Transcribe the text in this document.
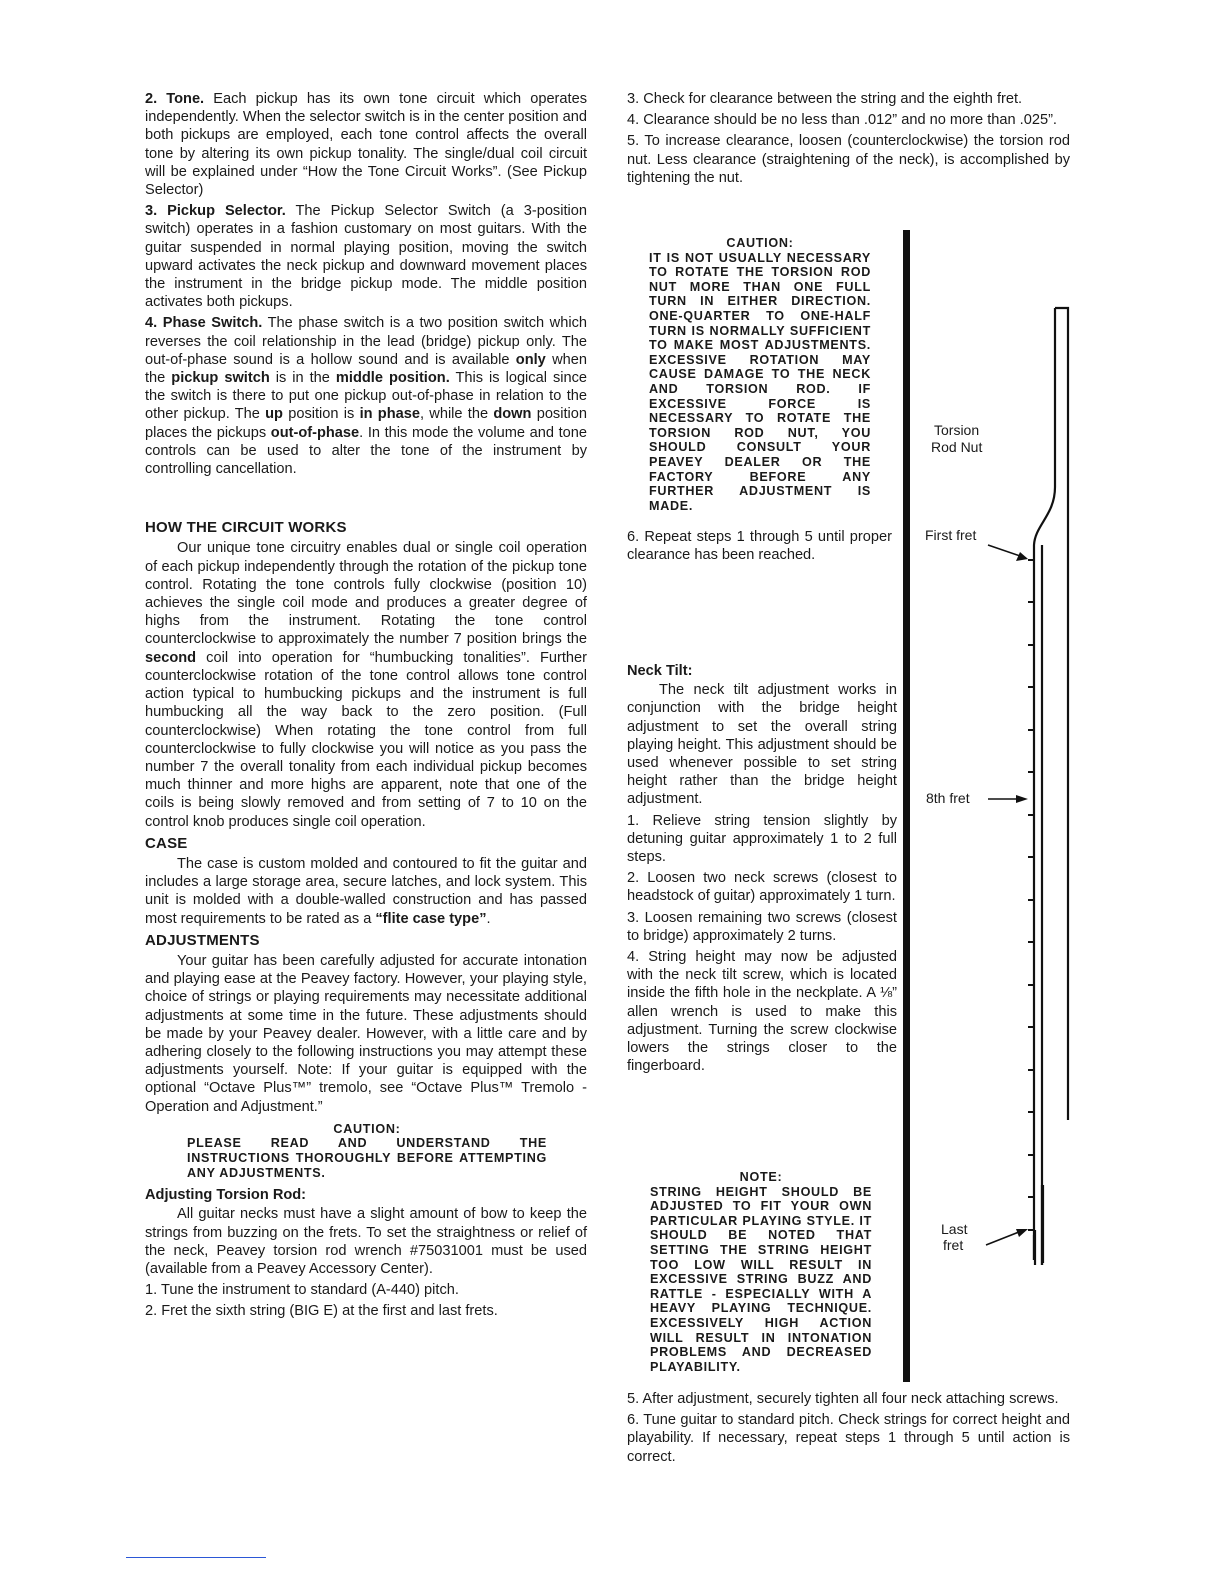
2. Tone. Each pickup has its own tone circuit which operates independently. When the selector switch is in the center position and both pickups are employed, each tone control affects the overall tone by altering its own pickup tonality. The single/dual coil circuit will be explained under “How the Tone Circuit Works”. (See Pickup Selector)

3. Pickup Selector. The Pickup Selector Switch (a 3-position switch) operates in a fashion customary on most guitars. With the guitar suspended in normal playing position, moving the switch upward activates the neck pickup and downward movement places the instrument in the bridge pickup mode. The middle position activates both pickups.

4. Phase Switch. The phase switch is a two position switch which reverses the coil relationship in the lead (bridge) pickup only. The out-of-phase sound is a hollow sound and is available only when the pickup switch is in the middle position. This is logical since the switch is there to put one pickup out-of-phase in relation to the other pickup. The up position is in phase, while the down position places the pickups out-of-phase. In this mode the volume and tone controls can be used to alter the tone of the instrument by controlling cancellation.

HOW THE CIRCUIT WORKS

Our unique tone circuitry enables dual or single coil operation of each pickup independently through the rotation of the pickup tone control. Rotating the tone controls fully clockwise (position 10) achieves the single coil mode and produces a greater degree of highs from the instrument. Rotating the tone control counterclockwise to approximately the number 7 position brings the second coil into operation for “humbucking tonalities”. Further counterclockwise rotation of the tone control allows tone control action typical to humbucking pickups and the instrument is full humbucking all the way back to the zero position. (Full counterclockwise) When rotating the tone control from full counterclockwise to fully clockwise you will notice as you pass the number 7 the overall tonality from each individual pickup becomes much thinner and more highs are apparent, note that one of the coils is being slowly removed and from setting of 7 to 10 on the control knob produces single coil operation.

CASE

The case is custom molded and contoured to fit the guitar and includes a large storage area, secure latches, and lock system. This unit is molded with a double-walled construction and has passed most requirements to be rated as a “flite case type”.

ADJUSTMENTS

Your guitar has been carefully adjusted for accurate intonation and playing ease at the Peavey factory. However, your playing style, choice of strings or playing requirements may necessitate additional adjustments at some time in the future. These adjustments should be made by your Peavey dealer. However, with a little care and by adhering closely to the following instructions you may attempt these adjustments yourself. Note: If your guitar is equipped with the optional “Octave Plus™” tremolo, see “Octave Plus™ Tremolo - Operation and Adjustment.”

CAUTION:
PLEASE READ AND UNDERSTAND THE INSTRUCTIONS THOROUGHLY BEFORE ATTEMPTING ANY ADJUSTMENTS.
Adjusting Torsion Rod:

All guitar necks must have a slight amount of bow to keep the strings from buzzing on the frets. To set the straightness or relief of the neck, Peavey torsion rod wrench #75031001 must be used (available from a Peavey Accessory Center).

1. Tune the instrument to standard (A-440) pitch.

2. Fret the sixth string (BIG E) at the first and last frets.

3. Check for clearance between the string and the eighth fret.

4. Clearance should be no less than .012” and no more than .025”.

5. To increase clearance, loosen (counterclockwise) the torsion rod nut. Less clearance (straightening of the neck), is accomplished by tightening the nut.

CAUTION:
IT IS NOT USUALLY NECESSARY TO ROTATE THE TORSION ROD NUT MORE THAN ONE FULL TURN IN EITHER DIRECTION. ONE-QUARTER TO ONE-HALF TURN IS NORMALLY SUFFICIENT TO MAKE MOST ADJUSTMENTS. EXCESSIVE ROTATION MAY CAUSE DAMAGE TO THE NECK AND TORSION ROD. IF EXCESSIVE FORCE IS NECESSARY TO ROTATE THE TORSION ROD NUT, YOU SHOULD CONSULT YOUR PEAVEY DEALER OR THE FACTORY BEFORE ANY FURTHER ADJUSTMENT IS MADE.

6. Repeat steps 1 through 5 until proper clearance has been reached.

Neck Tilt:

The neck tilt adjustment works in conjunction with the bridge height adjustment to set the overall string playing height. This adjustment should be used whenever possible to set string height rather than the bridge height adjustment.

1. Relieve string tension slightly by detuning guitar approximately 1 to 2 full steps.

2. Loosen two neck screws (closest to headstock of guitar) approximately 1 turn.

3. Loosen remaining two screws (closest to bridge) approximately 2 turns.

4. String height may now be adjusted with the neck tilt screw, which is located inside the fifth hole in the neckplate. A ⅛” allen wrench is used to make this adjustment. Turning the screw clockwise lowers the strings closer to the fingerboard.

NOTE:
STRING HEIGHT SHOULD BE ADJUSTED TO FIT YOUR OWN PARTICULAR PLAYING STYLE. IT SHOULD BE NOTED THAT SETTING THE STRING HEIGHT TOO LOW WILL RESULT IN EXCESSIVE STRING BUZZ AND RATTLE - ESPECIALLY WITH A HEAVY PLAYING TECHNIQUE. EXCESSIVELY HIGH ACTION WILL RESULT IN INTONATION PROBLEMS AND DECREASED PLAYABILITY.

5. After adjustment, securely tighten all four neck attaching screws.

6. Tune guitar to standard pitch. Check strings for correct height and playability. If necessary, repeat steps 1 through 5 until action is correct.

Torsion
Rod Nut
First fret
8th fret
Last
fret
